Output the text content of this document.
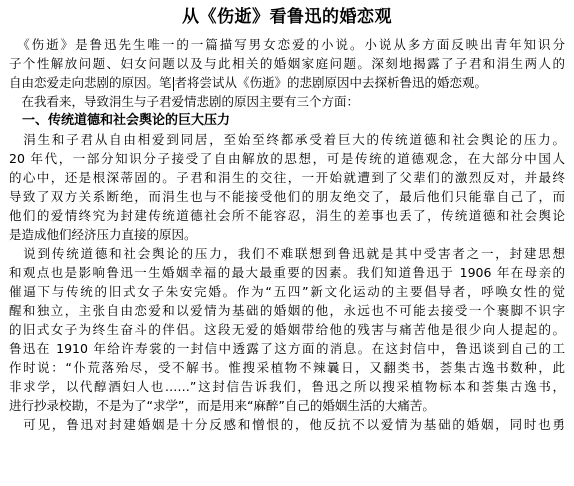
从《伤逝》看鲁迅的婚恋观
　《伤逝》是鲁迅先生唯一的一篇描写男女恋爱的小说。小说从多方面反映出青年知识分
子个性解放问题、妇女问题以及与此相关的婚姻家庭问题。深刻地揭露了子君和涓生两人的
自由恋爱走向悲剧的原因。笔 者将尝试从《伤逝》的悲剧原因中去探析鲁迅的婚恋观。
　在我看来，导致涓生与子君爱情悲剧的原因主要有三个方面：
　一、传统道德和社会舆论的巨大压力
　涓生和子君从自由相爱到同居，至始至终都承受着巨大的传统道德和社会舆论的压力。
20 年代，一部分知识分子接受了自由解放的思想，可是传统的道德观念，在大部分中国人
的心中，还是根深蒂固的。子君和涓生的交往，一开始就遭到了父辈们的激烈反对，并最终
导致了双方关系断绝，而涓生也与不能接受他们的朋友绝交了，最后他们只能靠自己了，而
他们的爱情终究为封建传统道德社会所不能容忍，涓生的差事也丢了，传统道德和社会舆论
是造成他们经济压力直接的原因。
　说到传统道德和社会舆论的压力，我们不难联想到鲁迅就是其中受害者之一，封建思想
和观点也是影响鲁迅一生婚姻幸福的最大最重要的因素。我们知道鲁迅于 1906 年在母亲的
催逼下与传统的旧式女子朱安完婚。作为“五四”新文化运动的主要倡导者，呼唤女性的觉
醒和独立，主张自由恋爱和以爱情为基础的婚姻的他，永远也不可能去接受一个裹脚不识字
的旧式女子为终生奋斗的伴侣。这段无爱的婚姻带给他的残害与痛苦他是很少向人提起的。
鲁迅在 1910 年给许寿裳的一封信中透露了这方面的消息。在这封信中，鲁迅谈到自己的工
作时说：“仆荒落殆尽，受不解书。惟搜采植物不辣曩日，又翻类书，荟集古逸书数种，此
非求学，以代醇酒妇人也……”这封信告诉我们，鲁迅之所以搜采植物标本和荟集古逸书，
进行抄录校勘，不是为了“求学”，而是用来“麻醉”自己的婚姻生活的大痛苦。
　可见，鲁迅对封建婚姻是十分反感和憎恨的，他反抗不以爱情为基础的婚姻，同时也勇
